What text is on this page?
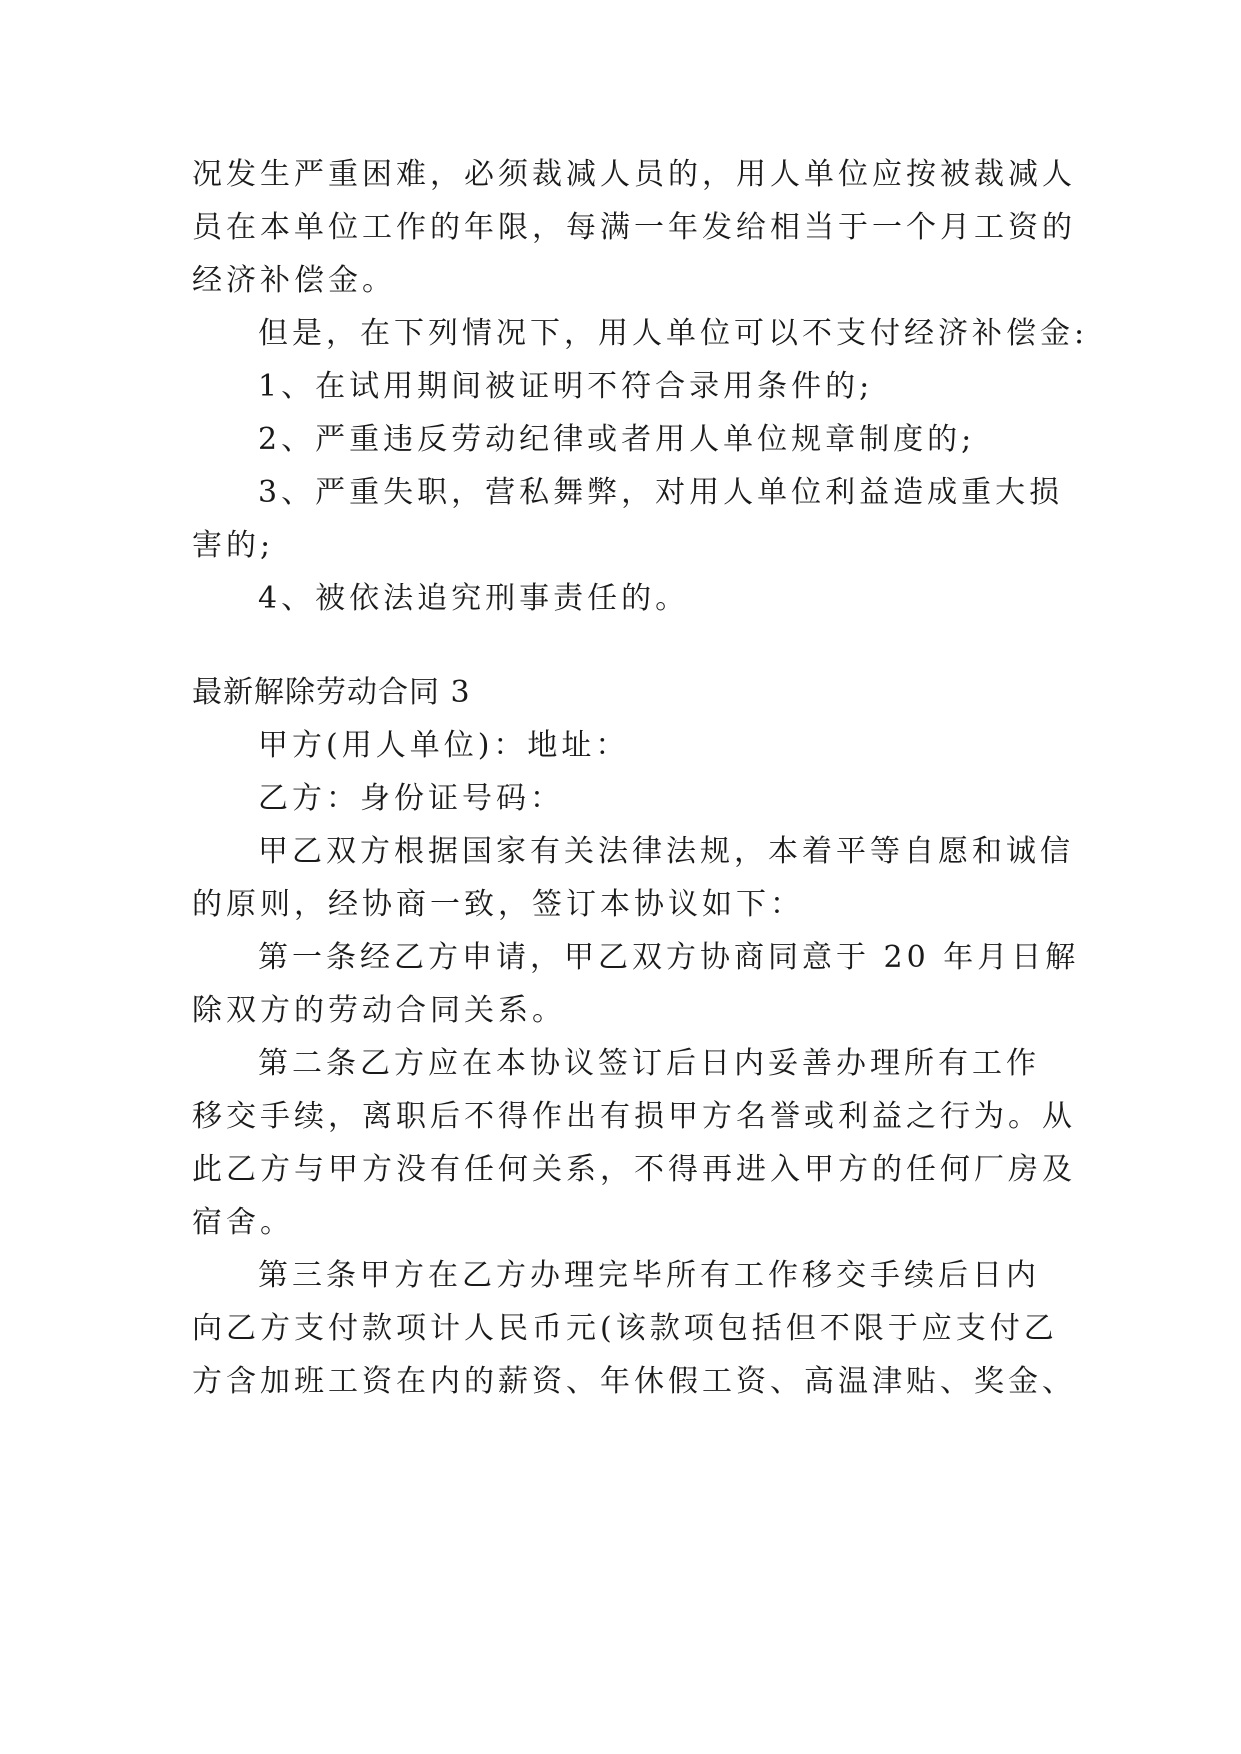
况发生严重困难，必须裁减人员的，用人单位应按被裁减人
员在本单位工作的年限，每满一年发给相当于一个月工资的
经济补偿金。
但是，在下列情况下，用人单位可以不支付经济补偿金:
1、在试用期间被证明不符合录用条件的;
2、严重违反劳动纪律或者用人单位规章制度的;
3、严重失职，营私舞弊，对用人单位利益造成重大损
害的;
4、被依法追究刑事责任的。
最新解除劳动合同 3
甲方(用人单位)：地址：
乙方：身份证号码：
甲乙双方根据国家有关法律法规，本着平等自愿和诚信
的原则，经协商一致，签订本协议如下：
第一条经乙方申请，甲乙双方协商同意于 20 年月日解
除双方的劳动合同关系。
第二条乙方应在本协议签订后日内妥善办理所有工作
移交手续，离职后不得作出有损甲方名誉或利益之行为。从
此乙方与甲方没有任何关系，不得再进入甲方的任何厂房及
宿舍。
第三条甲方在乙方办理完毕所有工作移交手续后日内
向乙方支付款项计人民币元(该款项包括但不限于应支付乙
方含加班工资在内的薪资、年休假工资、高温津贴、奖金、
